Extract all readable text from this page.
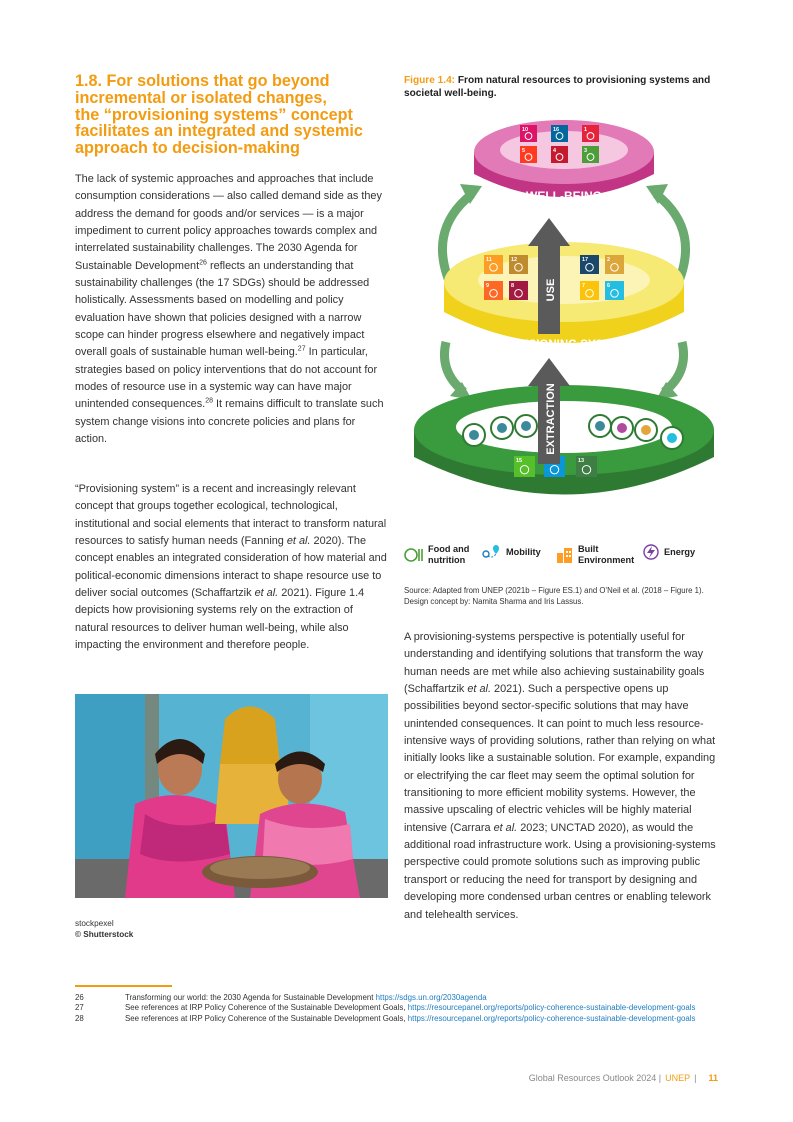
1.8. For solutions that go beyond
incremental or isolated changes,
the “provisioning systems” concept
facilitates an integrated and systemic
approach to decision-making

The lack of systemic approaches and approaches that include consumption considerations — also called demand side as they address the demand for goods and/or services — is a major impediment to current policy approaches towards complex and interrelated sustainability challenges. The 2030 Agenda for Sustainable Development$^{26}$ reflects an understanding that sustainability challenges (the 17 SDGs) should be addressed holistically. Assessments based on modelling and policy evaluation have shown that policies designed with a narrow scope can hinder progress elsewhere and negatively impact overall goals of sustainable human well-being.$^{27}$ In particular, strategies based on policy interventions that do not account for modes of resource use in a systemic way can have major unintended consequences.$^{28}$ It remains difficult to translate such system change visions into concrete policies and plans for action.

“Provisioning system” is a recent and increasingly relevant concept that groups together ecological, technological, institutional and social elements that interact to transform natural resources to satisfy human needs (Fanning et al. 2020). The concept enables an integrated consideration of how material and political-economic dimensions interact to shape resource use to deliver social outcomes (Schaffartzik et al. 2021). Figure 1.4 depicts how provisioning systems rely on the extraction of natural resources to deliver human well-being, while also impacting the environment and therefore people.

stockpexel
© Shutterstock
Figure 1.4: From natural resources to provisioning systems and societal well-being.
NATURAL RESOURCES
15	13
PROVISIONING SYSTEMS
11	12
9	8
17	2
7	6
WELL-BEING
10	16	1
5	4	3
USE
EXTRACTION
Food and nutrition
Mobility	Built Environment
Energy

Source: Adapted from UNEP (2021b – Figure ES.1) and O’Neil et al. (2018 – Figure 1). Design concept by: Namita Sharma and Iris Lassus.

A provisioning-systems perspective is potentially useful for understanding and identifying solutions that transform the way human needs are met while also achieving sustainability goals (Schaffartzik et al. 2021). Such a perspective opens up possibilities beyond sector-specific solutions that may have unintended consequences. It can point to much less resource-intensive ways of providing solutions, rather than relying on what initially looks like a sustainable solution. For example, expanding or electrifying the car fleet may seem the optimal solution for transitioning to more efficient mobility systems. However, the massive upscaling of electric vehicles will be highly material intensive (Carrara et al. 2023; UNCTAD 2020), as would the additional road infrastructure work. Using a provisioning-systems perspective could promote solutions such as improving public transport or reducing the need for transport by designing and developing more condensed urban centres or enabling telework and telehealth services.

26	Transforming our world: the 2030 Agenda for Sustainable Development https://sdgs.un.org/2030agenda
27	See references at IRP Policy Coherence of the Sustainable Development Goals, https://resourcepanel.org/reports/policy-coherence-sustainable-development-goals
28	See references at IRP Policy Coherence of the Sustainable Development Goals, https://resourcepanel.org/reports/policy-coherence-sustainable-development-goals
Global Resources Outlook 2024 | UNEP | 11
